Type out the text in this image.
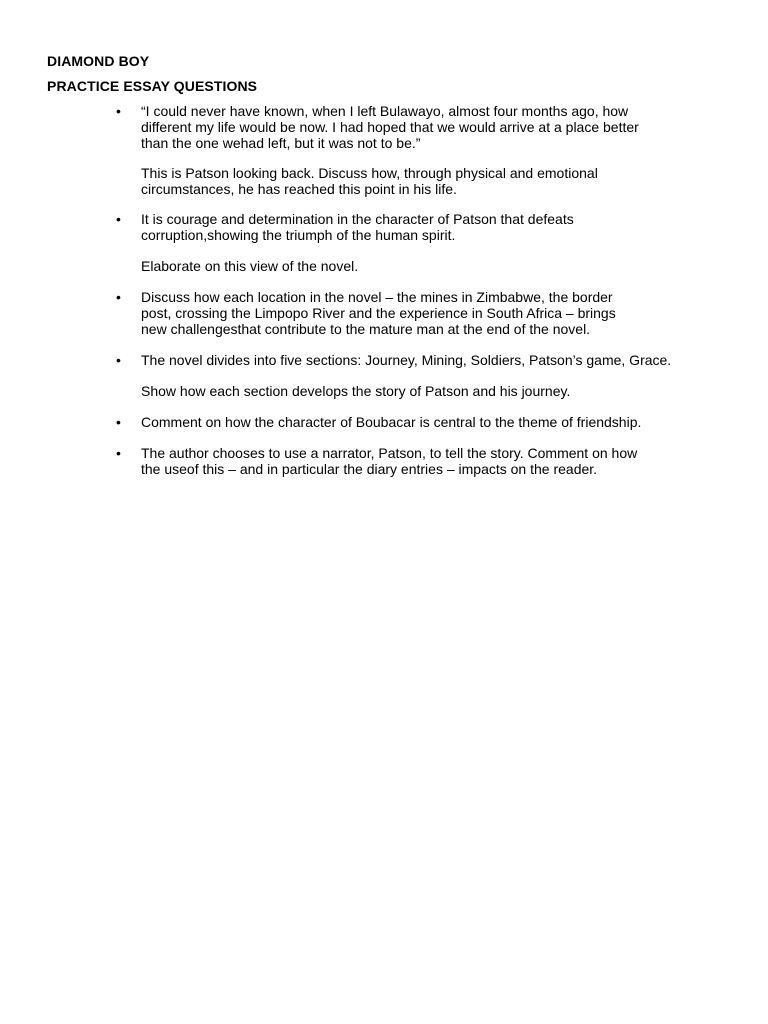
DIAMOND BOY
PRACTICE ESSAY QUESTIONS
• “I could never have known, when I left Bulawayo, almost four months ago, how
different my life would be now. I had hoped that we would arrive at a place better
than the one wehad left, but it was not to be.”

This is Patson looking back. Discuss how, through physical and emotional
circumstances, he has reached this point in his life.

• It is courage and determination in the character of Patson that defeats
corruption,showing the triumph of the human spirit.

Elaborate on this view of the novel.

• Discuss how each location in the novel – the mines in Zimbabwe, the border
post, crossing the Limpopo River and the experience in South Africa – brings
new challengesthat contribute to the mature man at the end of the novel.

• The novel divides into five sections: Journey, Mining, Soldiers, Patson’s game, Grace.

Show how each section develops the story of Patson and his journey.

• Comment on how the character of Boubacar is central to the theme of friendship.

• The author chooses to use a narrator, Patson, to tell the story. Comment on how
the useof this – and in particular the diary entries – impacts on the reader.
